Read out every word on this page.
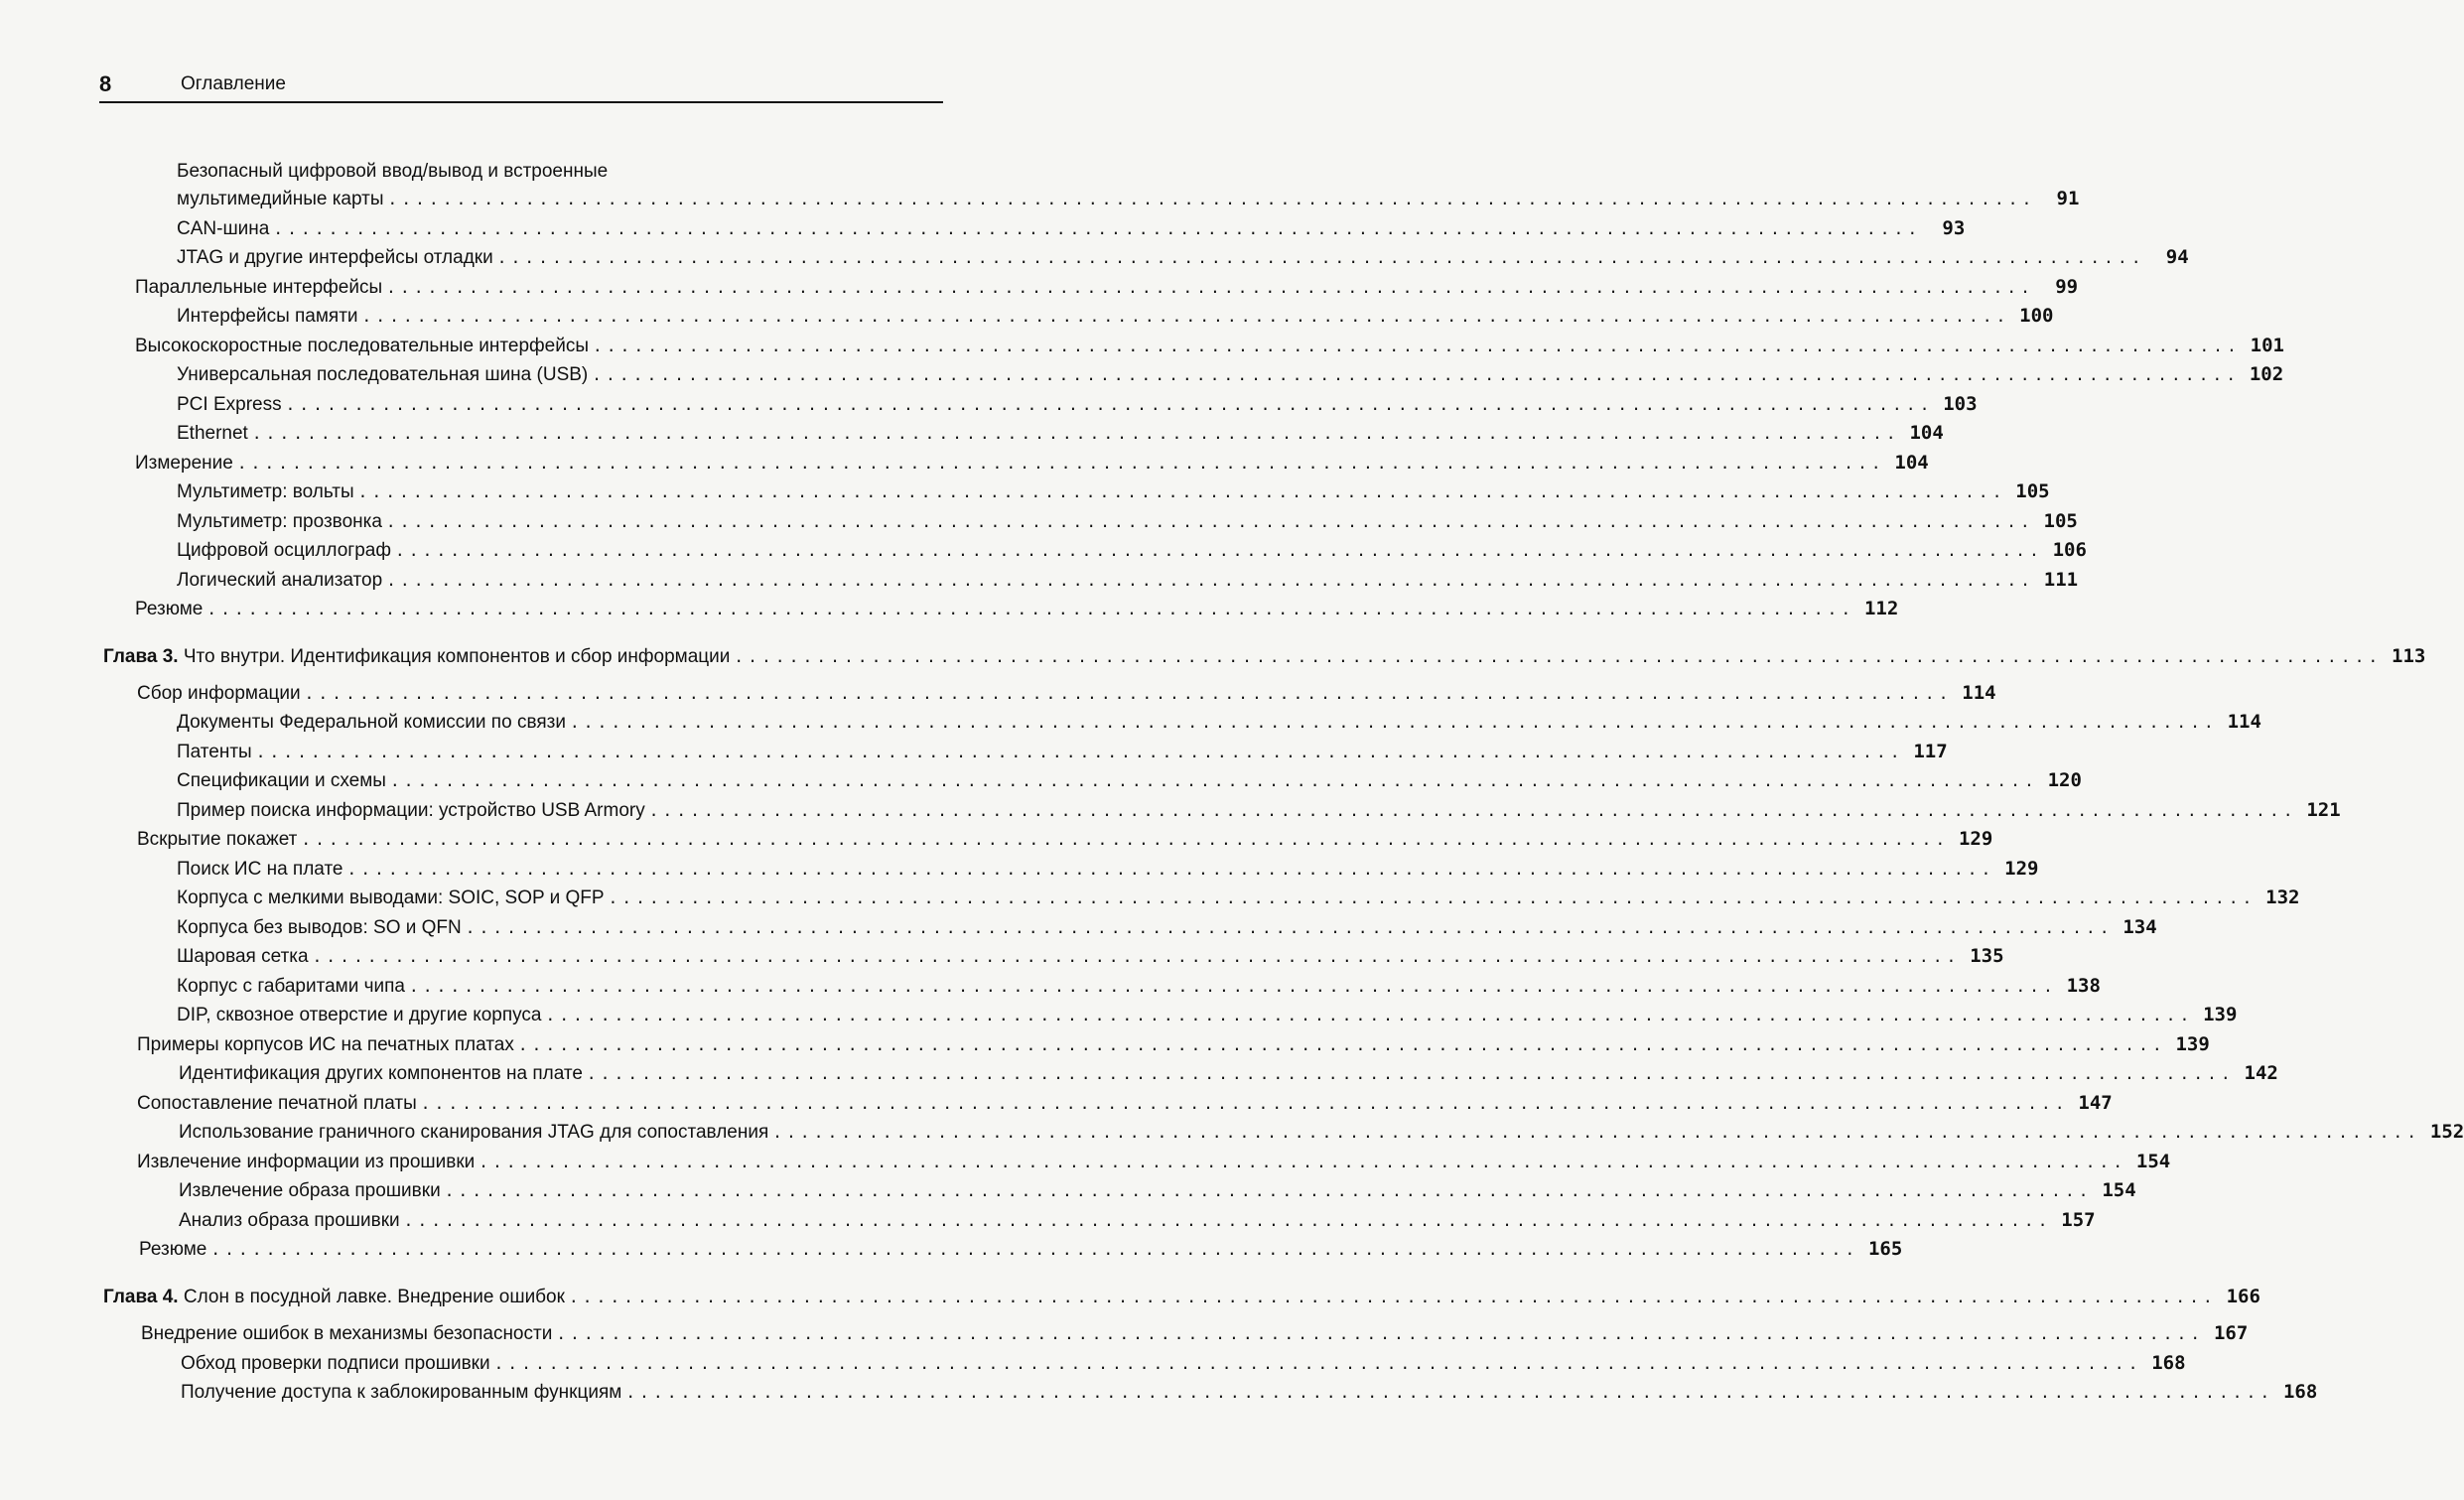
8	Оглавление
Безопасный цифровой ввод/вывод и встроенные
мультимедийные карты ........................................................................................................................	91
CAN-шина ........................................................................................................................	93
JTAG и другие интерфейсы отладки ........................................................................................................................	94
Параллельные интерфейсы ........................................................................................................................	99
Интерфейсы памяти ........................................................................................................................ 100
Высокоскоростные последовательные интерфейсы ........................................................................................................................ 101
Универсальная последовательная шина (USB) ........................................................................................................................ 102
PCI Express ........................................................................................................................ 103
Ethernet ........................................................................................................................ 104
Измерение ........................................................................................................................ 104
Мультиметр: вольты ........................................................................................................................ 105
Мультиметр: прозвонка ........................................................................................................................ 105
Цифровой осциллограф ........................................................................................................................ 106
Логический анализатор ........................................................................................................................ 111
Резюме ........................................................................................................................ 112
Глава 3. Что внутри. Идентификация компонентов и сбор информации ........................................................................................................................ 113
Сбор информации ........................................................................................................................ 114
Документы Федеральной комиссии по связи ........................................................................................................................ 114
Патенты ........................................................................................................................ 117
Спецификации и схемы ........................................................................................................................ 120
Пример поиска информации: устройство USB Armory ........................................................................................................................ 121
Вскрытие покажет ........................................................................................................................ 129
Поиск ИС на плате ........................................................................................................................ 129
Корпуса с мелкими выводами: SOIC, SOP и QFP ........................................................................................................................ 132
Корпуса без выводов: SO и QFN ........................................................................................................................ 134
Шаровая сетка ........................................................................................................................ 135
Корпус с габаритами чипа ........................................................................................................................ 138
DIP, сквозное отверстие и другие корпуса ........................................................................................................................ 139
Примеры корпусов ИС на печатных платах ........................................................................................................................ 139
Идентификация других компонентов на плате ........................................................................................................................ 142
Сопоставление печатной платы ........................................................................................................................ 147
Использование граничного сканирования JTAG для сопоставления ........................................................................................................................ 152
Извлечение информации из прошивки ........................................................................................................................ 154
Извлечение образа прошивки ........................................................................................................................ 154
Анализ образа прошивки ........................................................................................................................ 157
Резюме ........................................................................................................................ 165
Глава 4. Слон в посудной лавке. Внедрение ошибок ........................................................................................................................ 166
Внедрение ошибок в механизмы безопасности ........................................................................................................................ 167
Обход проверки подписи прошивки ........................................................................................................................ 168
Получение доступа к заблокированным функциям ........................................................................................................................ 168
